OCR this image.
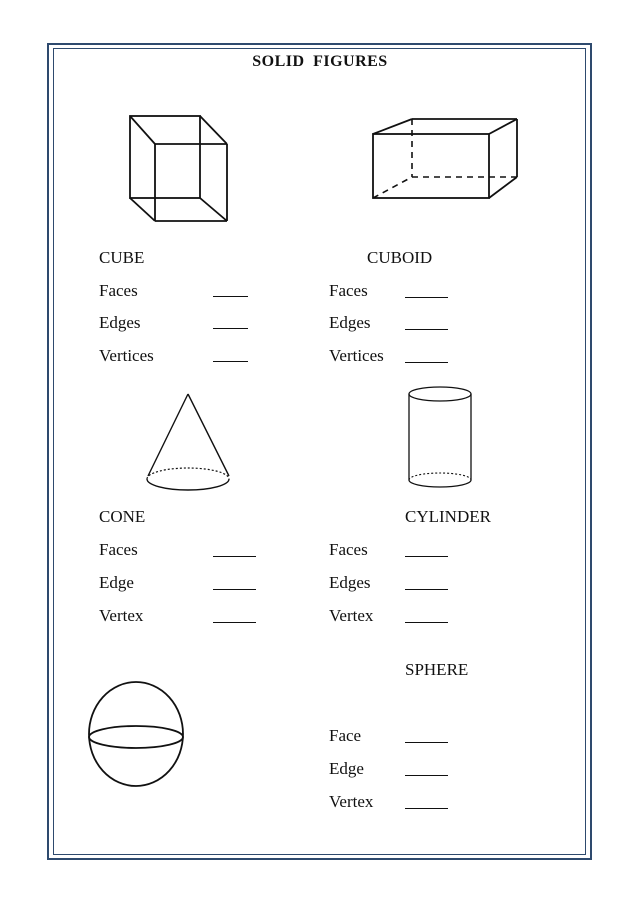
SOLID FIGURES
CUBE
Faces
Edges
Vertices
CUBOID
Faces
Edges
Vertices
CONE
Faces
Edge
Vertex
CYLINDER
Faces
Edges
Vertex
SPHERE
Face
Edge
Vertex
